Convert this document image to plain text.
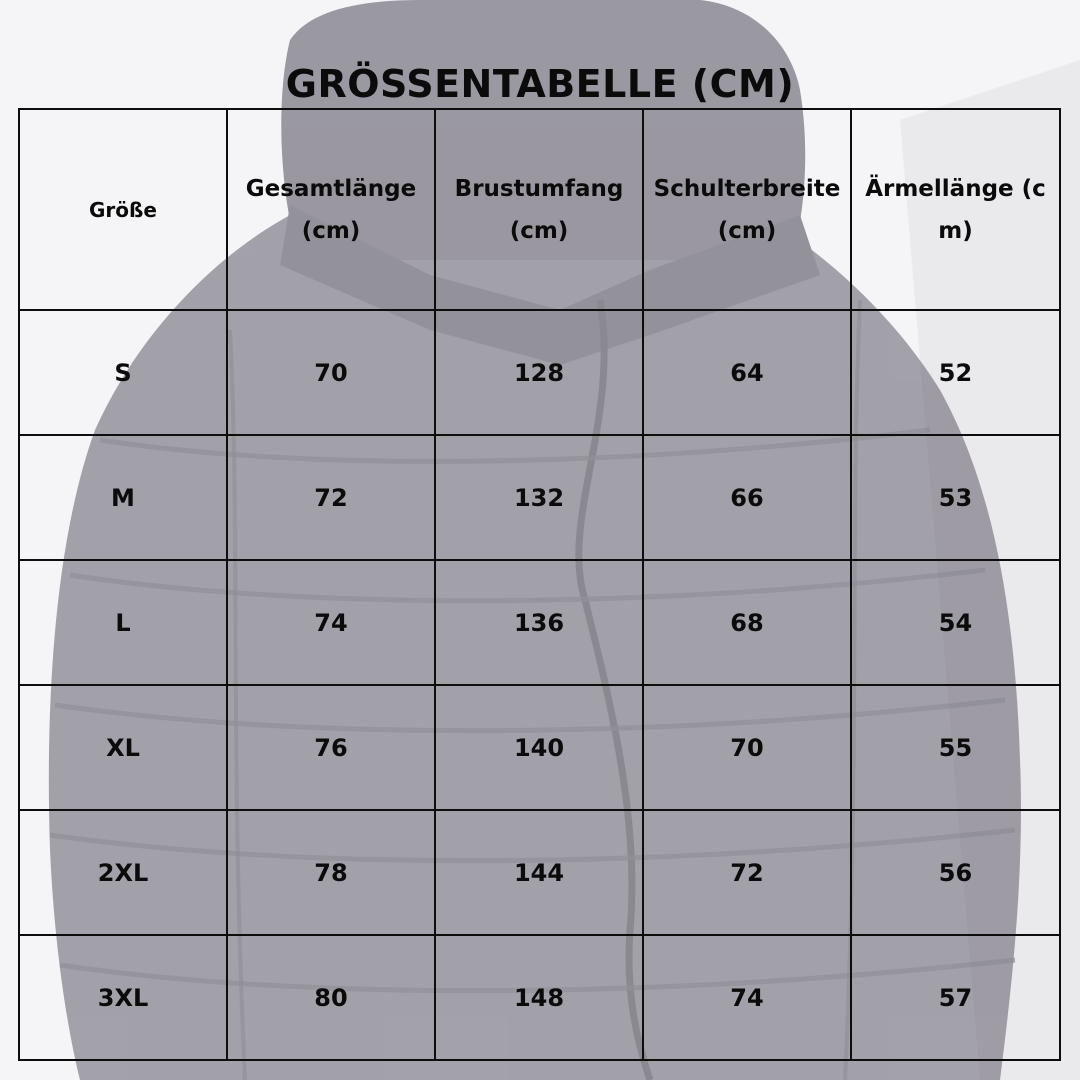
GRÖSSENTABELLE (CM)
Größe	Gesamtlänge (cm)	Brustumfang (cm)	Schulterbreite (cm)	Ärmellänge (cm)
S	70	128	64	52
M	72	132	66	53
L	74	136	68	54
XL	76	140	70	55
2XL	78	144	72	56
3XL	80	148	74	57
